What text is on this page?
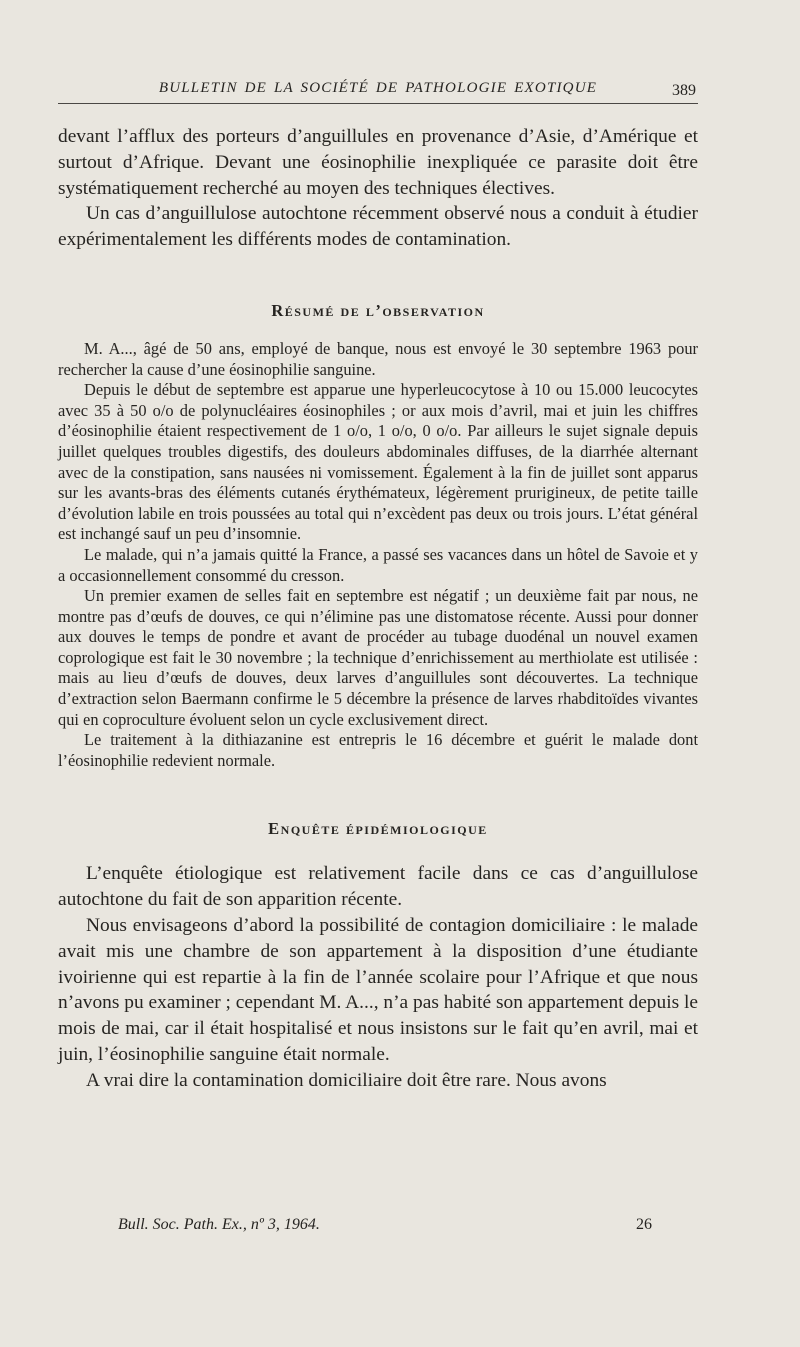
BULLETIN DE LA SOCIÉTÉ DE PATHOLOGIE EXOTIQUE	389

devant l’afflux des porteurs d’anguillules en provenance d’Asie, d’Amérique et surtout d’Afrique. Devant une éosinophilie inexpliquée ce parasite doit être systématiquement recherché au moyen des techniques électives.

Un cas d’anguillulose autochtone récemment observé nous a conduit à étudier expérimentalement les différents modes de contamination.

Résumé de l’observation

M. A..., âgé de 50 ans, employé de banque, nous est envoyé le 30 septembre 1963 pour rechercher la cause d’une éosinophilie sanguine.

Depuis le début de septembre est apparue une hyperleucocytose à 10 ou 15.000 leucocytes avec 35 à 50 o/o de polynucléaires éosinophiles ; or aux mois d’avril, mai et juin les chiffres d’éosinophilie étaient respectivement de 1 o/o, 1 o/o, 0 o/o. Par ailleurs le sujet signale depuis juillet quelques troubles digestifs, des douleurs abdominales diffuses, de la diarrhée alternant avec de la constipation, sans nausées ni vomissement. Également à la fin de juillet sont apparus sur les avants-bras des éléments cutanés érythémateux, légèrement prurigineux, de petite taille d’évolution labile en trois poussées au total qui n’excèdent pas deux ou trois jours. L’état général est inchangé sauf un peu d’insomnie.

Le malade, qui n’a jamais quitté la France, a passé ses vacances dans un hôtel de Savoie et y a occasionnellement consommé du cresson.

Un premier examen de selles fait en septembre est négatif ; un deuxième fait par nous, ne montre pas d’œufs de douves, ce qui n’élimine pas une distomatose récente. Aussi pour donner aux douves le temps de pondre et avant de procéder au tubage duodénal un nouvel examen coprologique est fait le 30 novembre ; la technique d’enrichissement au merthiolate est utilisée : mais au lieu d’œufs de douves, deux larves d’anguillules sont découvertes. La technique d’extraction selon Baermann confirme le 5 décembre la présence de larves rhabditoïdes vivantes qui en coproculture évoluent selon un cycle exclusivement direct.

Le traitement à la dithiazanine est entrepris le 16 décembre et guérit le malade dont l’éosinophilie redevient normale.

Enquête épidémiologique

L’enquête étiologique est relativement facile dans ce cas d’anguillulose autochtone du fait de son apparition récente.

Nous envisageons d’abord la possibilité de contagion domiciliaire : le malade avait mis une chambre de son appartement à la disposition d’une étudiante ivoirienne qui est repartie à la fin de l’année scolaire pour l’Afrique et que nous n’avons pu examiner ; cependant M. A..., n’a pas habité son appartement depuis le mois de mai, car il était hospitalisé et nous insistons sur le fait qu’en avril, mai et juin, l’éosinophilie sanguine était normale.

A vrai dire la contamination domiciliaire doit être rare. Nous avons

Bull. Soc. Path. Ex., nº 3, 1964.	26
